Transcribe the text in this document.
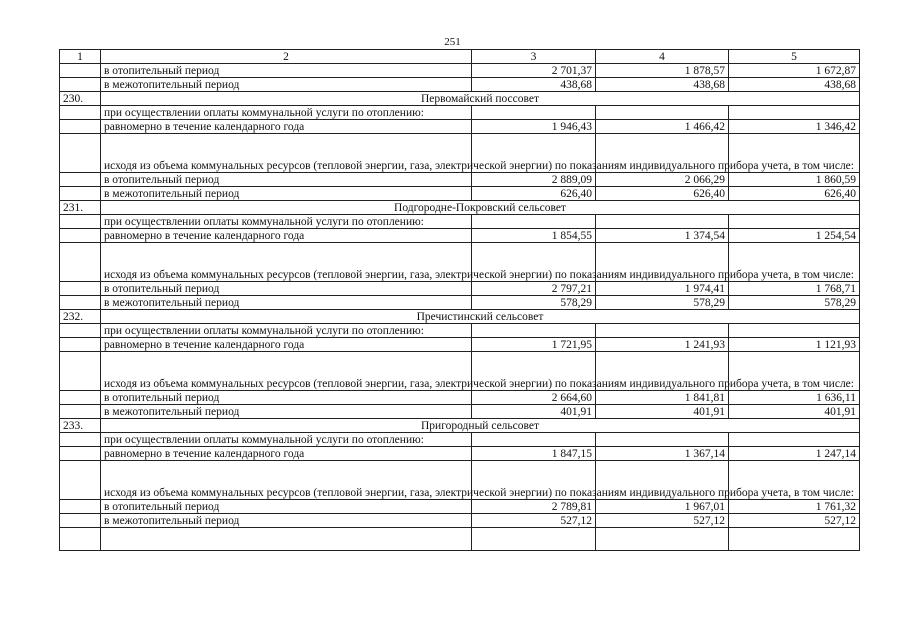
251
1	2	3	4	5
	в отопительный период	2 701,37	1 878,57	1 672,87
	в межотопительный период	438,68	438,68	438,68
230.	Первомайский поссовет			
	при осуществлении оплаты коммунальной услуги по отоплению:			
	равномерно в течение календарного года	1 946,43	1 466,42	1 346,42
	исходя из объема коммунальных ресурсов (тепловой энергии, газа, электрической энергии) по показаниям индивидуального прибора учета, в том числе:			
	в отопительный период	2 889,09	2 066,29	1 860,59
	в межотопительный период	626,40	626,40	626,40
231.	Подгородне-Покровский сельсовет			
	при осуществлении оплаты коммунальной услуги по отоплению:			
	равномерно в течение календарного года	1 854,55	1 374,54	1 254,54
	исходя из объема коммунальных ресурсов (тепловой энергии, газа, электрической энергии) по показаниям индивидуального прибора учета, в том числе:			
	в отопительный период	2 797,21	1 974,41	1 768,71
	в межотопительный период	578,29	578,29	578,29
232.	Пречистинский сельсовет			
	при осуществлении оплаты коммунальной услуги по отоплению:			
	равномерно в течение календарного года	1 721,95	1 241,93	1 121,93
	исходя из объема коммунальных ресурсов (тепловой энергии, газа, электрической энергии) по показаниям индивидуального прибора учета, в том числе:			
	в отопительный период	2 664,60	1 841,81	1 636,11
	в межотопительный период	401,91	401,91	401,91
233.	Пригородный сельсовет			
	при осуществлении оплаты коммунальной услуги по отоплению:			
	равномерно в течение календарного года	1 847,15	1 367,14	1 247,14
	исходя из объема коммунальных ресурсов (тепловой энергии, газа, электрической энергии) по показаниям индивидуального прибора учета, в том числе:			
	в отопительный период	2 789,81	1 967,01	1 761,32
	в межотопительный период	527,12	527,12	527,12
